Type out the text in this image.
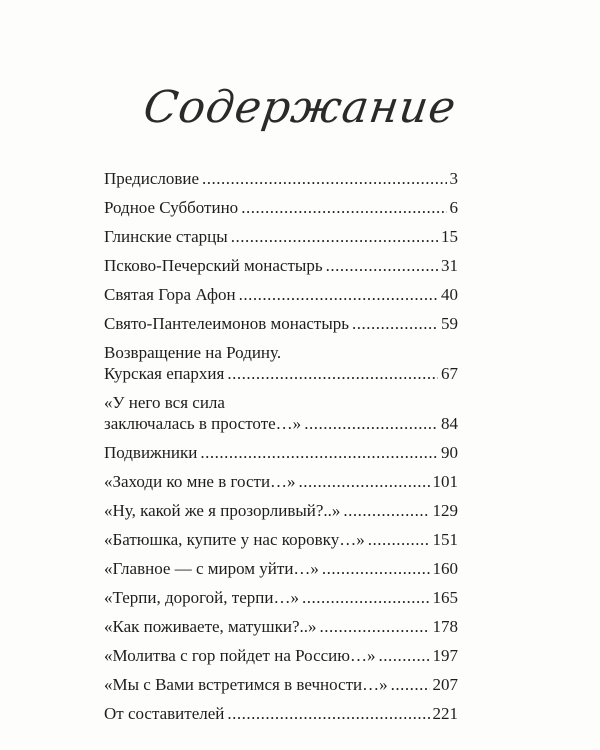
Содержание
Предисловие .....	3
Родное Субботино .....	6
Глинские старцы .....	15
Псково-Печерский монастырь .....	31
Святая Гора Афон .....	40
Свято-Пантелеимонов монастырь .....	59
Возвращение на Родину.
Курская епархия .....	67
«У него вся сила
заключалась в простоте…» .....	84
Подвижники .....	90
«Заходи ко мне в гости…» .....	101
«Ну, какой же я прозорливый?..» .....	129
«Батюшка, купите у нас коровку…» .....	151
«Главное — с миром уйти…» .....	160
«Терпи, дорогой, терпи…» .....	165
«Как поживаете, матушки?..» .....	178
«Молитва с гор пойдет на Россию…» .....	197
«Мы с Вами встретимся в вечности…» .....	207
От составителей .....	221
